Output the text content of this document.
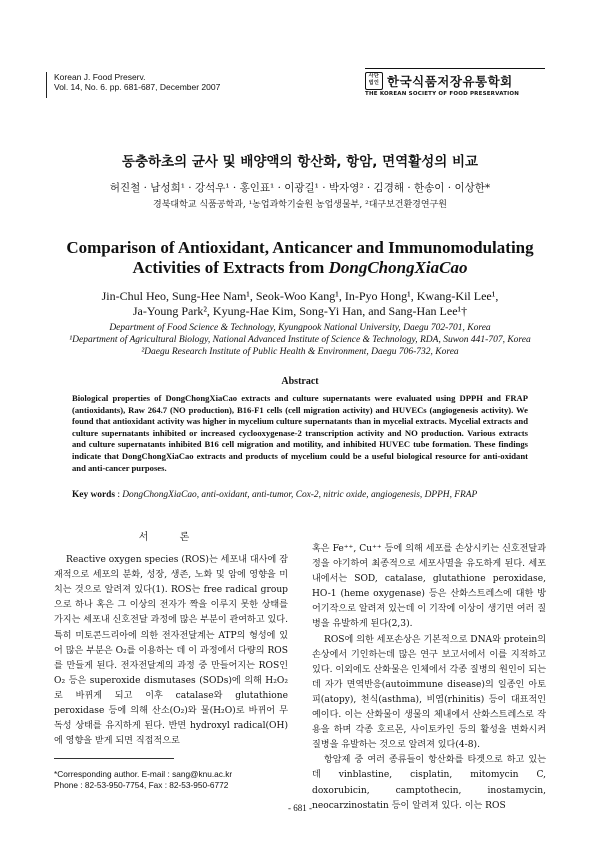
Korean J. Food Preserv.
Vol. 14, No. 6. pp. 681-687, December 2007
사단 법인 한국식품저장유통학회
THE KOREAN SOCIETY OF FOOD PRESERVATION
동충하초의 균사 및 배양액의 항산화, 항암, 면역활성의 비교
허진철 · 남성희¹ · 강석우¹ · 홍인표¹ · 이광길¹ · 박자영² · 김경해 · 한송이 · 이상한*
경북대학교 식품공학과, ¹농업과학기술원 농업생물부, ²대구보건환경연구원
Comparison of Antioxidant, Anticancer and Immunomodulating
Activities of Extracts from DongChongXiaCao
Jin-Chul Heo, Sung-Hee Nam¹, Seok-Woo Kang¹, In-Pyo Hong¹, Kwang-Kil Lee¹,
Ja-Young Park², Kyung-Hae Kim, Song-Yi Han, and Sang-Han Lee¹†
Department of Food Science & Technology, Kyungpook National University, Daegu 702-701, Korea
¹Department of Agricultural Biology, National Advanced Institute of Science & Technology, RDA, Suwon 441-707, Korea
²Daegu Research Institute of Public Health & Environment, Daegu 706-732, Korea
Abstract
Biological properties of DongChongXiaCao extracts and culture supernatants were evaluated using DPPH and FRAP (antioxidants), Raw 264.7 (NO production), B16-F1 cells (cell migration activity) and HUVECs (angiogenesis activity). We found that antioxidant activity was higher in mycelium culture supernatants than in mycelial extracts. Mycelial extracts and culture supernatants inhibited or increased cyclooxygenase-2 transcription activity and NO production. Various extracts and culture supernatants inhibited B16 cell migration and motility, and inhibited HUVEC tube formation. These findings indicate that DongChongXiaCao extracts and products of mycelium could be a useful biological resource for anti-oxidant and anti-cancer purposes.
Key words : DongChongXiaCao, anti-oxidant, anti-tumor, Cox-2, nitric oxide, angiogenesis, DPPH, FRAP
서 론

Reactive oxygen species (ROS)는 세포내 대사에 잠재적으로 세포의 분화, 성장, 생존, 노화 및 암에 영향을 미치는 것으로 알려져 있다(1). ROS는 free radical group으로 하나 혹은 그 이상의 전자가 짝을 이루지 못한 상태를 가지는 세포내 신호전달 과정에 많은 부분이 관여하고 있다. 특히 미토콘드리아에 의한 전자전달계는 ATP의 형성에 있어 많은 부분은 O₂를 이용하는 데 이 과정에서 다량의 ROS를 만들게 된다. 전자전달계의 과정 중 만들어지는 ROS인 O₂ 등은 superoxide dismutases (SODs)에 의해 H₂O₂로 바뀌게 되고 이후 catalase와 glutathione peroxidase 등에 의해 산소(O₂)와 물(H₂O)로 바뀌어 무독성 상태를 유지하게 된다. 반면 hydroxyl radical(OH)에 영향을 받게 되면 직접적으로

혹은 Fe⁺⁺, Cu⁺⁺ 등에 의해 세포를 손상시키는 신호전달과정을 야기하여 최종적으로 세포사멸을 유도하게 된다. 세포내에서는 SOD, catalase, glutathione peroxidase, HO-1 (heme oxygenase) 등은 산화스트레스에 대한 방어기작으로 알려져 있는데 이 기작에 이상이 생기면 여러 질병을 유발하게 된다(2,3).

ROS에 의한 세포손상은 기본적으로 DNA와 protein의 손상에서 기인하는데 많은 연구 보고서에서 이를 지적하고 있다. 이외에도 산화물은 인체에서 각종 질병의 원인이 되는데 자가 면역반응(autoimmune disease)의 일종인 아토피(atopy), 천식(asthma), 비염(rhinitis) 등이 대표적인 예이다. 이는 산화물이 생물의 체내에서 산화스트레스로 작용을 하며 각종 호르몬, 사이토카인 등의 활성을 변화시켜 질병을 유발하는 것으로 알려져 있다(4-8).

항암제 중 여러 종류들이 항산화를 타겟으로 하고 있는데 vinblastine, cisplatin, mitomycin C, doxorubicin, camptothecin, inostamycin, neocarzinostatin 등이 알려져 있다. 이는 ROS

*Corresponding author. E-mail : sang@knu.ac.kr
Phone : 82-53-950-7754, Fax : 82-53-950-6772
- 681 -
